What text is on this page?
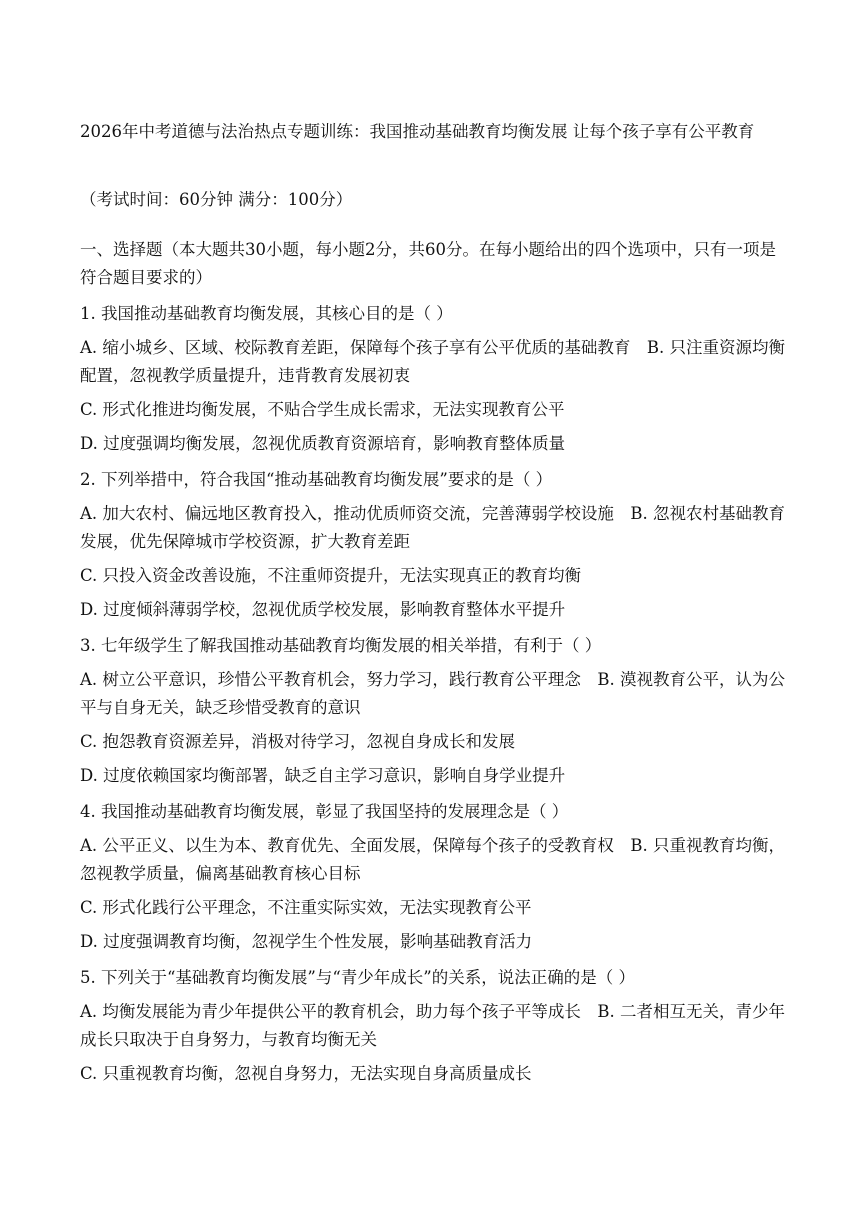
2026年中考道德与法治热点专题训练：我国推动基础教育均衡发展 让每个孩子享有公平教育

（考试时间：60分钟 满分：100分）
一、选择题（本大题共30小题，每小题2分，共60分。在每小题给出的四个选项中，只有一项是符合题目要求的）
1. 我国推动基础教育均衡发展，其核心目的是（ ）
A. 缩小城乡、区域、校际教育差距，保障每个孩子享有公平优质的基础教育　B. 只注重资源均衡配置，忽视教学质量提升，违背教育发展初衷
C. 形式化推进均衡发展，不贴合学生成长需求，无法实现教育公平
D. 过度强调均衡发展，忽视优质教育资源培育，影响教育整体质量
2. 下列举措中，符合我国“推动基础教育均衡发展”要求的是（ ）
A. 加大农村、偏远地区教育投入，推动优质师资交流，完善薄弱学校设施　B. 忽视农村基础教育发展，优先保障城市学校资源，扩大教育差距
C. 只投入资金改善设施，不注重师资提升，无法实现真正的教育均衡
D. 过度倾斜薄弱学校，忽视优质学校发展，影响教育整体水平提升
3. 七年级学生了解我国推动基础教育均衡发展的相关举措，有利于（ ）
A. 树立公平意识，珍惜公平教育机会，努力学习，践行教育公平理念　B. 漠视教育公平，认为公平与自身无关，缺乏珍惜受教育的意识
C. 抱怨教育资源差异，消极对待学习，忽视自身成长和发展
D. 过度依赖国家均衡部署，缺乏自主学习意识，影响自身学业提升
4. 我国推动基础教育均衡发展，彰显了我国坚持的发展理念是（ ）
A. 公平正义、以生为本、教育优先、全面发展，保障每个孩子的受教育权　B. 只重视教育均衡，忽视教学质量，偏离基础教育核心目标
C. 形式化践行公平理念，不注重实际实效，无法实现教育公平
D. 过度强调教育均衡，忽视学生个性发展，影响基础教育活力
5. 下列关于“基础教育均衡发展”与“青少年成长”的关系，说法正确的是（ ）
A. 均衡发展能为青少年提供公平的教育机会，助力每个孩子平等成长　B. 二者相互无关，青少年成长只取决于自身努力，与教育均衡无关
C. 只重视教育均衡，忽视自身努力，无法实现自身高质量成长
